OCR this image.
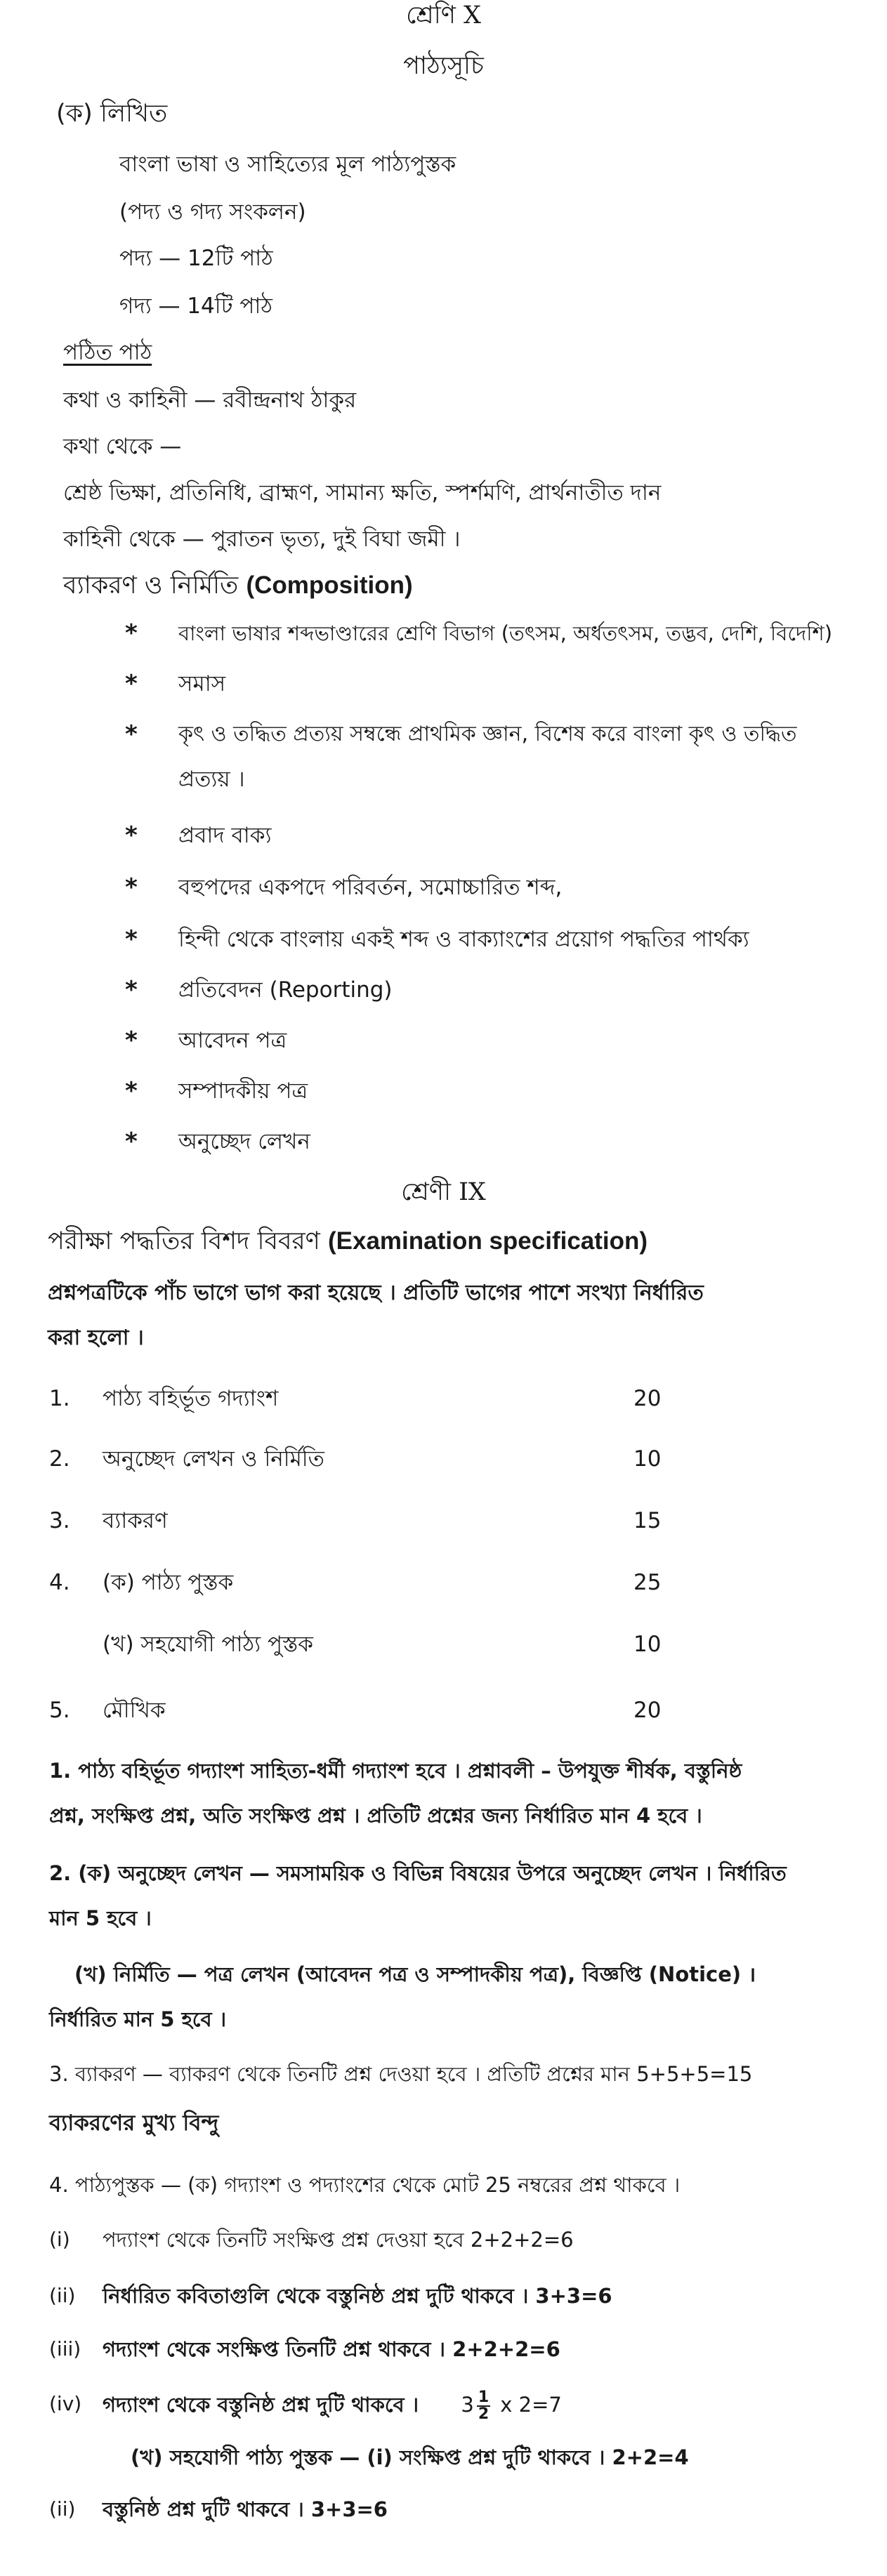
শ্রেণি X
পাঠ্যসূচি
(ক) লিখিত
বাংলা ভাষা ও সাহিত্যের মূল পাঠ্যপুস্তক
(পদ্য ও গদ্য সংকলন)
পদ্য — 12টি পাঠ
গদ্য — 14টি পাঠ
পঠিত পাঠ
কথা ও কাহিনী — রবীন্দ্রনাথ ঠাকুর
কথা থেকে —
শ্রেষ্ঠ ভিক্ষা, প্রতিনিধি, ব্রাহ্মণ, সামান্য ক্ষতি, স্পর্শমণি, প্রার্থনাতীত দান
কাহিনী থেকে — পুরাতন ভৃত্য, দুই বিঘা জমী ।
ব্যাকরণ ও নির্মিতি (Composition)
* বাংলা ভাষার শব্দভাণ্ডারের শ্রেণি বিভাগ (তৎসম, অর্ধতৎসম, তদ্ভব, দেশি, বিদেশি)
* সমাস
* কৃৎ ও তদ্ধিত প্রত্যয় সম্বন্ধে প্রাথমিক জ্ঞান, বিশেষ করে বাংলা কৃৎ ও তদ্ধিত
প্রত্যয় ।
* প্রবাদ বাক্য
* বহুপদের একপদে পরিবর্তন, সমোচ্চারিত শব্দ,
* হিন্দী থেকে বাংলায় একই শব্দ ও বাক্যাংশের প্রয়োগ পদ্ধতির পার্থক্য
* প্রতিবেদন (Reporting)
* আবেদন পত্র
* সম্পাদকীয় পত্র
* অনুচ্ছেদ লেখন
শ্রেণী IX
পরীক্ষা পদ্ধতির বিশদ বিবরণ (Examination specification)
প্রশ্নপত্রটিকে পাঁচ ভাগে ভাগ করা হয়েছে । প্রতিটি ভাগের পাশে সংখ্যা নির্ধারিত
করা হলো ।
1. পাঠ্য বহির্ভূত গদ্যাংশ	20
2. অনুচ্ছেদ লেখন ও নির্মিতি	10
3. ব্যাকরণ	15
4. (ক) পাঠ্য পুস্তক	25
(খ) সহযোগী পাঠ্য পুস্তক	10
5. মৌখিক	20
1. পাঠ্য বহির্ভূত গদ্যাংশ সাহিত্য-ধর্মী গদ্যাংশ হবে । প্রশ্নাবলী – উপযুক্ত শীর্ষক, বস্তুনিষ্ঠ
প্রশ্ন, সংক্ষিপ্ত প্রশ্ন, অতি সংক্ষিপ্ত প্রশ্ন । প্রতিটি প্রশ্নের জন্য নির্ধারিত মান 4 হবে ।
2. (ক) অনুচ্ছেদ লেখন — সমসাময়িক ও বিভিন্ন বিষয়ের উপরে অনুচ্ছেদ লেখন । নির্ধারিত
মান 5 হবে ।
(খ) নির্মিতি — পত্র লেখন (আবেদন পত্র ও সম্পাদকীয় পত্র), বিজ্ঞপ্তি (Notice) ।
নির্ধারিত মান 5 হবে ।
3. ব্যাকরণ — ব্যাকরণ থেকে তিনটি প্রশ্ন দেওয়া হবে । প্রতিটি প্রশ্নের মান 5+5+5=15
ব্যাকরণের মুখ্য বিন্দু
4. পাঠ্যপুস্তক — (ক) গদ্যাংশ ও পদ্যাংশের থেকে মোট 25 নম্বরের প্রশ্ন থাকবে ।
(i) পদ্যাংশ থেকে তিনটি সংক্ষিপ্ত প্রশ্ন দেওয়া হবে 2+2+2=6
(ii) নির্ধারিত কবিতাগুলি থেকে বস্তুনিষ্ঠ প্রশ্ন দুটি থাকবে । 3+3=6
(iii) গদ্যাংশ থেকে সংক্ষিপ্ত তিনটি প্রশ্ন থাকবে । 2+2+2=6
(iv) গদ্যাংশ থেকে বস্তুনিষ্ঠ প্রশ্ন দুটি থাকবে । $3 \frac{1}{2}$ x 2=7
(খ) সহযোগী পাঠ্য পুস্তক — (i) সংক্ষিপ্ত প্রশ্ন দুটি থাকবে । 2+2=4
(ii) বস্তুনিষ্ঠ প্রশ্ন দুটি থাকবে । 3+3=6
